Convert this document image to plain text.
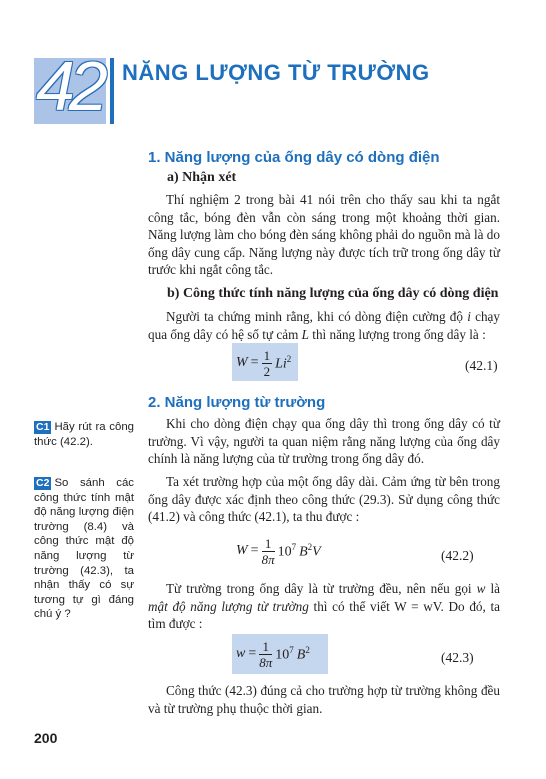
42 NĂNG LƯỢNG TỪ TRƯỜNG
1. Năng lượng của ống dây có dòng điện
a) Nhận xét
Thí nghiệm 2 trong bài 41 nói trên cho thấy sau khi ta ngắt công tắc, bóng đèn vẫn còn sáng trong một khoảng thời gian. Năng lượng làm cho bóng đèn sáng không phải do nguồn mà là do ống dây cung cấp. Năng lượng này được tích trữ trong ống dây từ trước khi ngắt công tắc.
b) Công thức tính năng lượng của ống dây có dòng điện
Người ta chứng minh rằng, khi có dòng điện cường độ i chạy qua ống dây có hệ số tự cảm L thì năng lượng trong ống dây là :
$W = \frac{1}{2} Li^2$	(42.1)
2. Năng lượng từ trường
Khi cho dòng điện chạy qua ống dây thì trong ống dây có từ trường. Vì vậy, người ta quan niệm rằng năng lượng của ống dây chính là năng lượng của từ trường trong ống dây đó.
Ta xét trường hợp của một ống dây dài. Cảm ứng từ bên trong ống dây được xác định theo công thức (29.3). Sử dụng công thức (41.2) và công thức (42.1), ta thu được :
$W = \frac{1}{8\pi} 10^7$ $B^2V$	(42.2)
Từ trường trong ống dây là từ trường đều, nên nếu gọi w là mật độ năng lượng từ trường thì có thể viết W = wV. Do đó, ta tìm được :
$w = \frac{1}{8\pi} 10^7$ $B^2$
(42.3)
Công thức (42.3) đúng cả cho trường hợp từ trường không đều và từ trường phụ thuộc thời gian.
C1 Hãy rút ra công thức (42.2).
C2 So sánh các công thức tính mật độ năng lượng điện trường (8.4) và công thức mật độ năng lượng từ trường (42.3), ta nhận thấy có sự tương tự gì đáng chú ý ?
200
